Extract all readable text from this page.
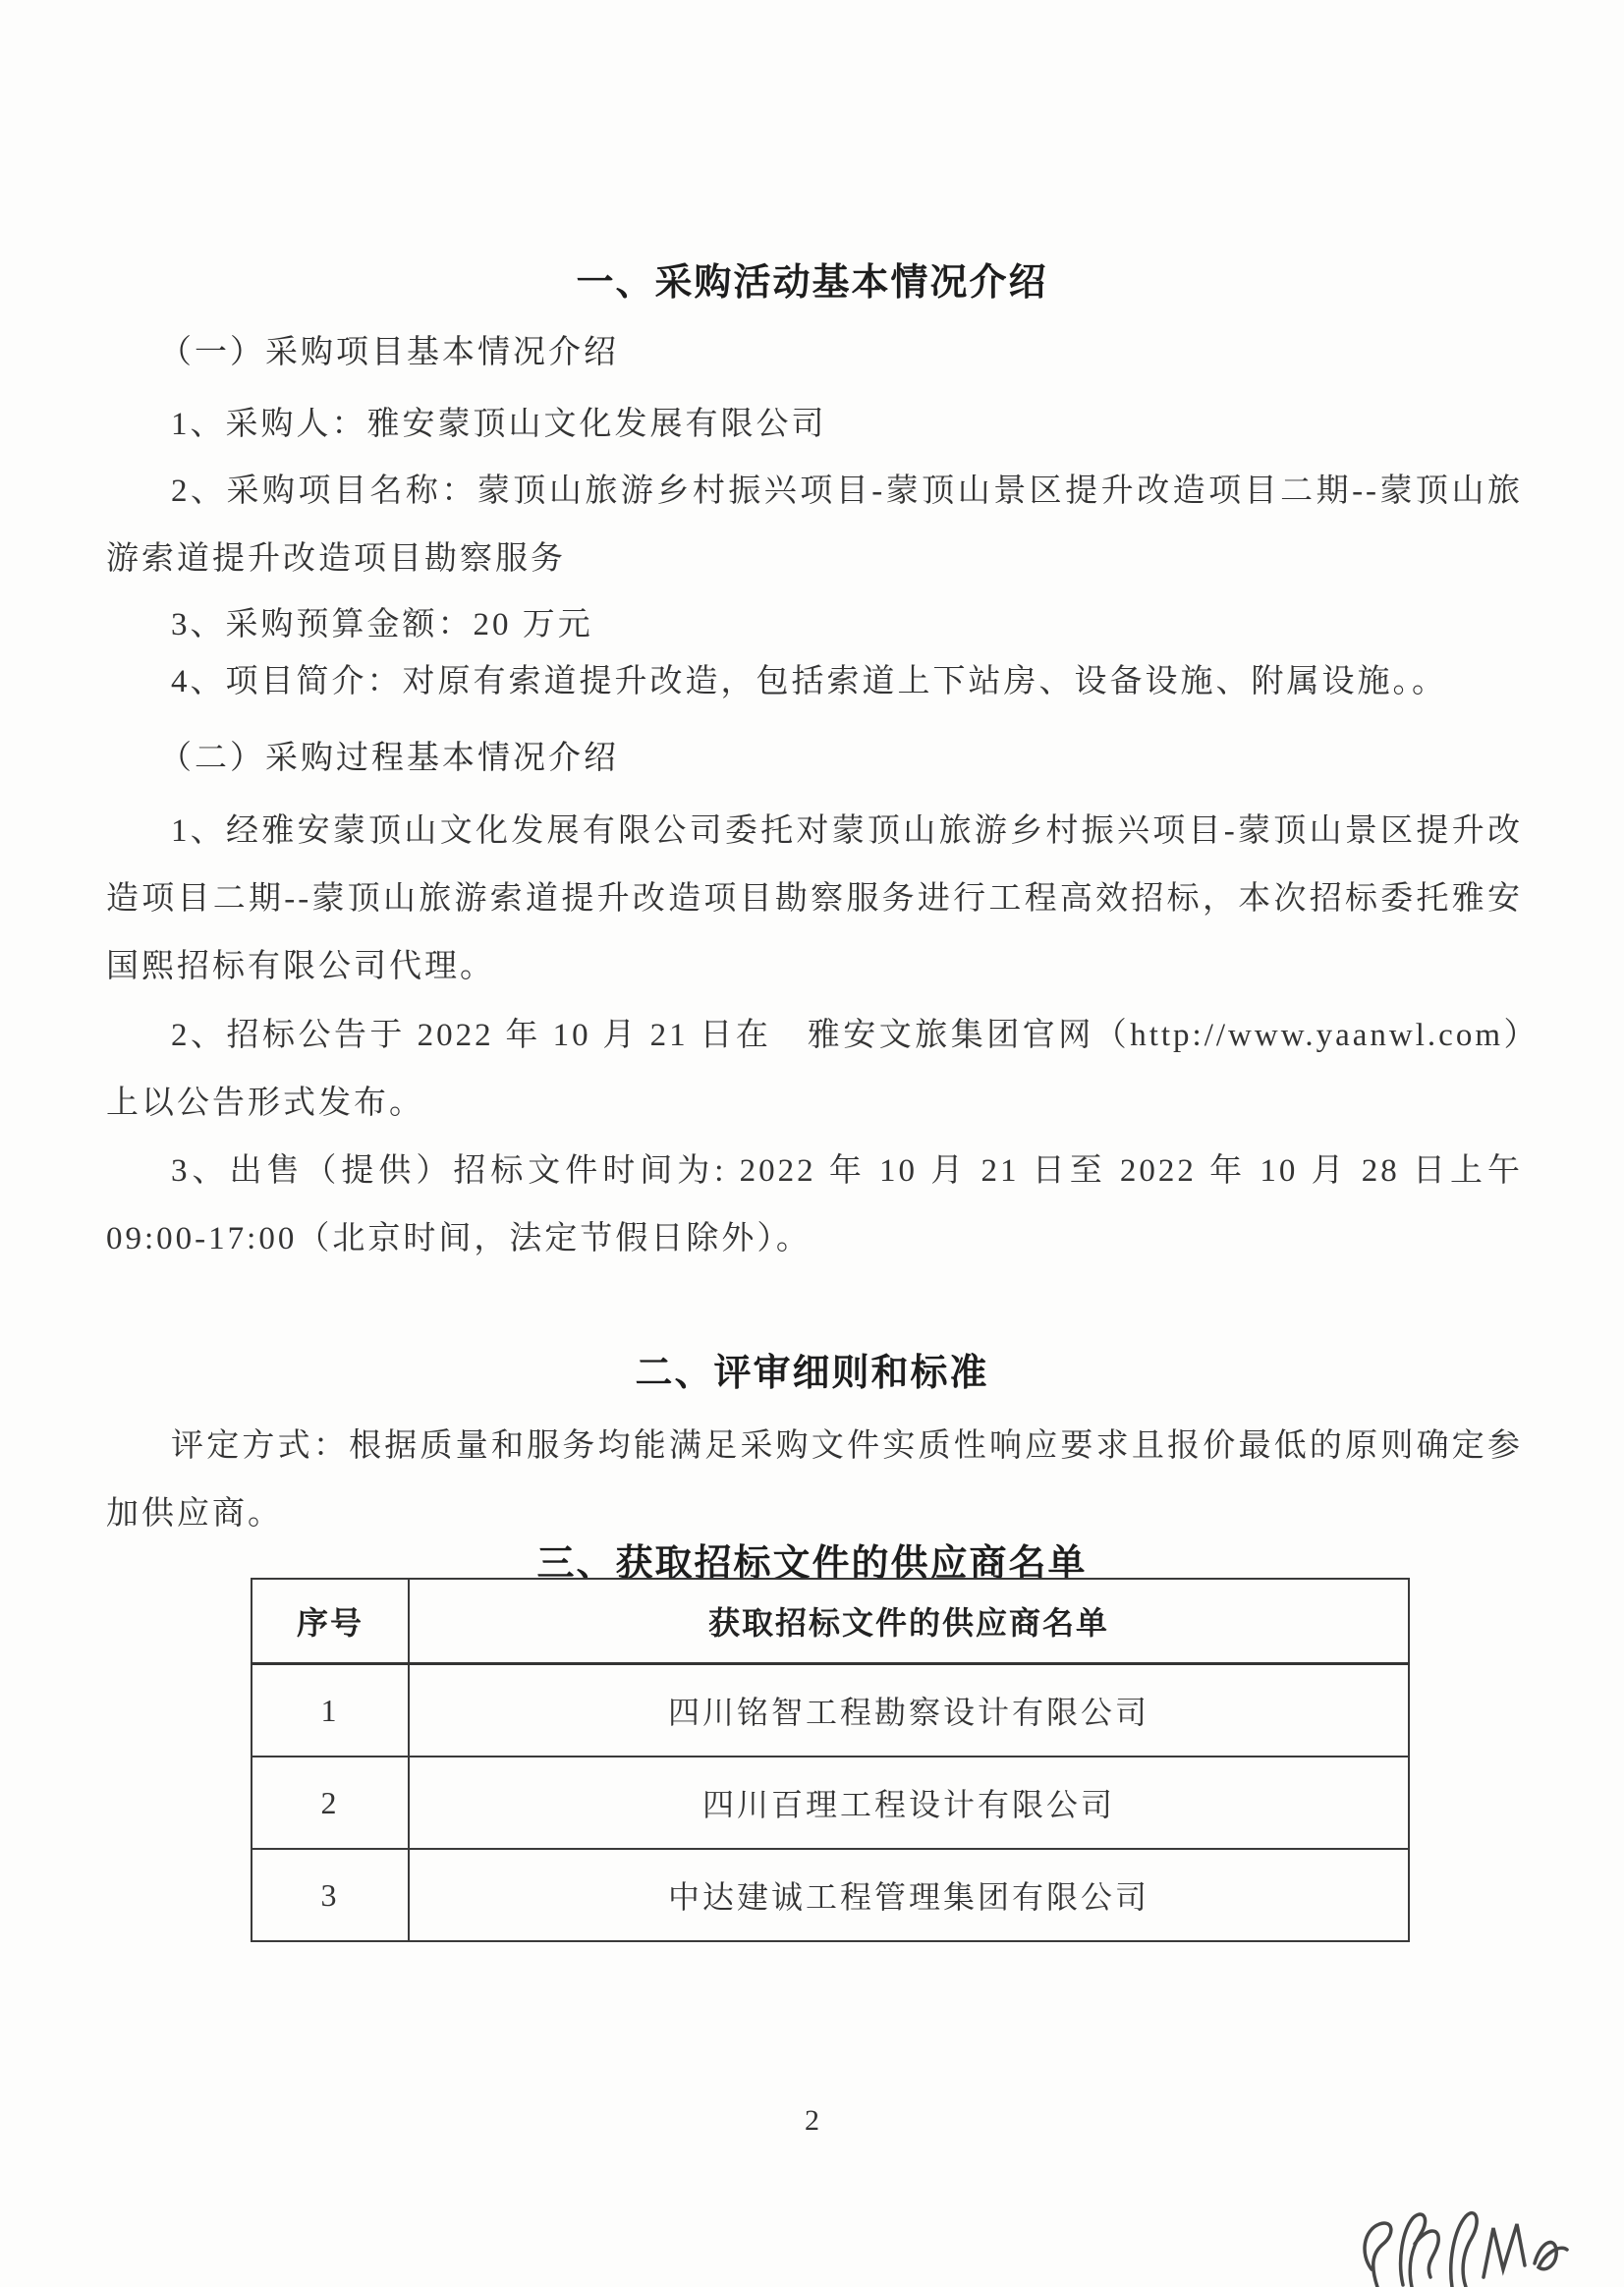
一、采购活动基本情况介绍
（一）采购项目基本情况介绍
1、采购人：雅安蒙顶山文化发展有限公司
2、采购项目名称：蒙顶山旅游乡村振兴项目-蒙顶山景区提升改造项目二期--蒙顶山旅游索道提升改造项目勘察服务
3、采购预算金额：20 万元
4、项目简介：对原有索道提升改造，包括索道上下站房、设备设施、附属设施。。
（二）采购过程基本情况介绍
1、经雅安蒙顶山文化发展有限公司委托对蒙顶山旅游乡村振兴项目-蒙顶山景区提升改造项目二期--蒙顶山旅游索道提升改造项目勘察服务进行工程高效招标，本次招标委托雅安国熙招标有限公司代理。
2、招标公告于 2022 年 10 月 21 日在　雅安文旅集团官网（http://www.yaanwl.com）上以公告形式发布。
3、出售（提供）招标文件时间为: 2022 年 10 月 21 日至 2022 年 10 月 28 日上午 09:00-17:00（北京时间，法定节假日除外）。
二、评审细则和标准
评定方式：根据质量和服务均能满足采购文件实质性响应要求且报价最低的原则确定参加供应商。
三、获取招标文件的供应商名单
序号	获取招标文件的供应商名单
1	四川铭智工程勘察设计有限公司
2	四川百理工程设计有限公司
3	中达建诚工程管理集团有限公司
2
